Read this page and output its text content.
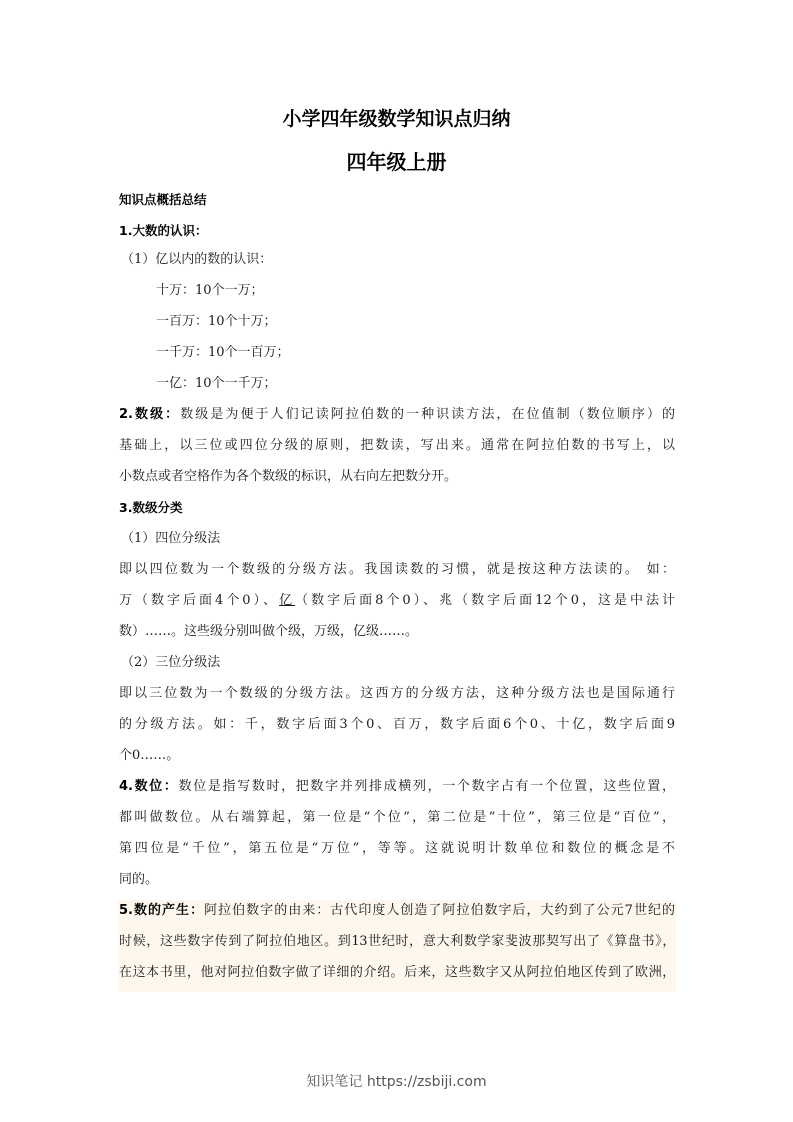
小学四年级数学知识点归纳
四年级上册
知识点概括总结
1.大数的认识：
（1）亿以内的数的认识：
十万：10个一万；
一百万：10个十万；
一千万：10个一百万；
一亿：10个一千万；
2.数级：数级是为便于人们记读阿拉伯数的一种识读方法，在位值制（数位顺序）的
基础上，以三位或四位分级的原则，把数读，写出来。通常在阿拉伯数的书写上，以
小数点或者空格作为各个数级的标识，从右向左把数分开。
3.数级分类
（1）四位分级法
即以四位数为一个数级的分级方法。我国读数的习惯，就是按这种方法读的。 如：
万（数字后面4个0）、亿（数字后面8个0）、兆（数字后面12个0，这是中法计
数）……。这些级分别叫做个级，万级，亿级……。
（2）三位分级法
即以三位数为一个数级的分级方法。这西方的分级方法，这种分级方法也是国际通行
的分级方法。如：千，数字后面3个0、百万，数字后面6个0、十亿，数字后面9
个0……。
4.数位：数位是指写数时，把数字并列排成横列，一个数字占有一个位置，这些位置，
都叫做数位。从右端算起，第一位是“个位”，第二位是“十位”，第三位是“百位”，
第四位是“千位”，第五位是“万位”，等等。这就说明计数单位和数位的概念是不
同的。
5.数的产生：阿拉伯数字的由来：古代印度人创造了阿拉伯数字后，大约到了公元7世纪的
时候，这些数字传到了阿拉伯地区。到13世纪时，意大利数学家斐波那契写出了《算盘书》，
在这本书里，他对阿拉伯数字做了详细的介绍。后来，这些数字又从阿拉伯地区传到了欧洲，
知识笔记 https://zsbiji.com
